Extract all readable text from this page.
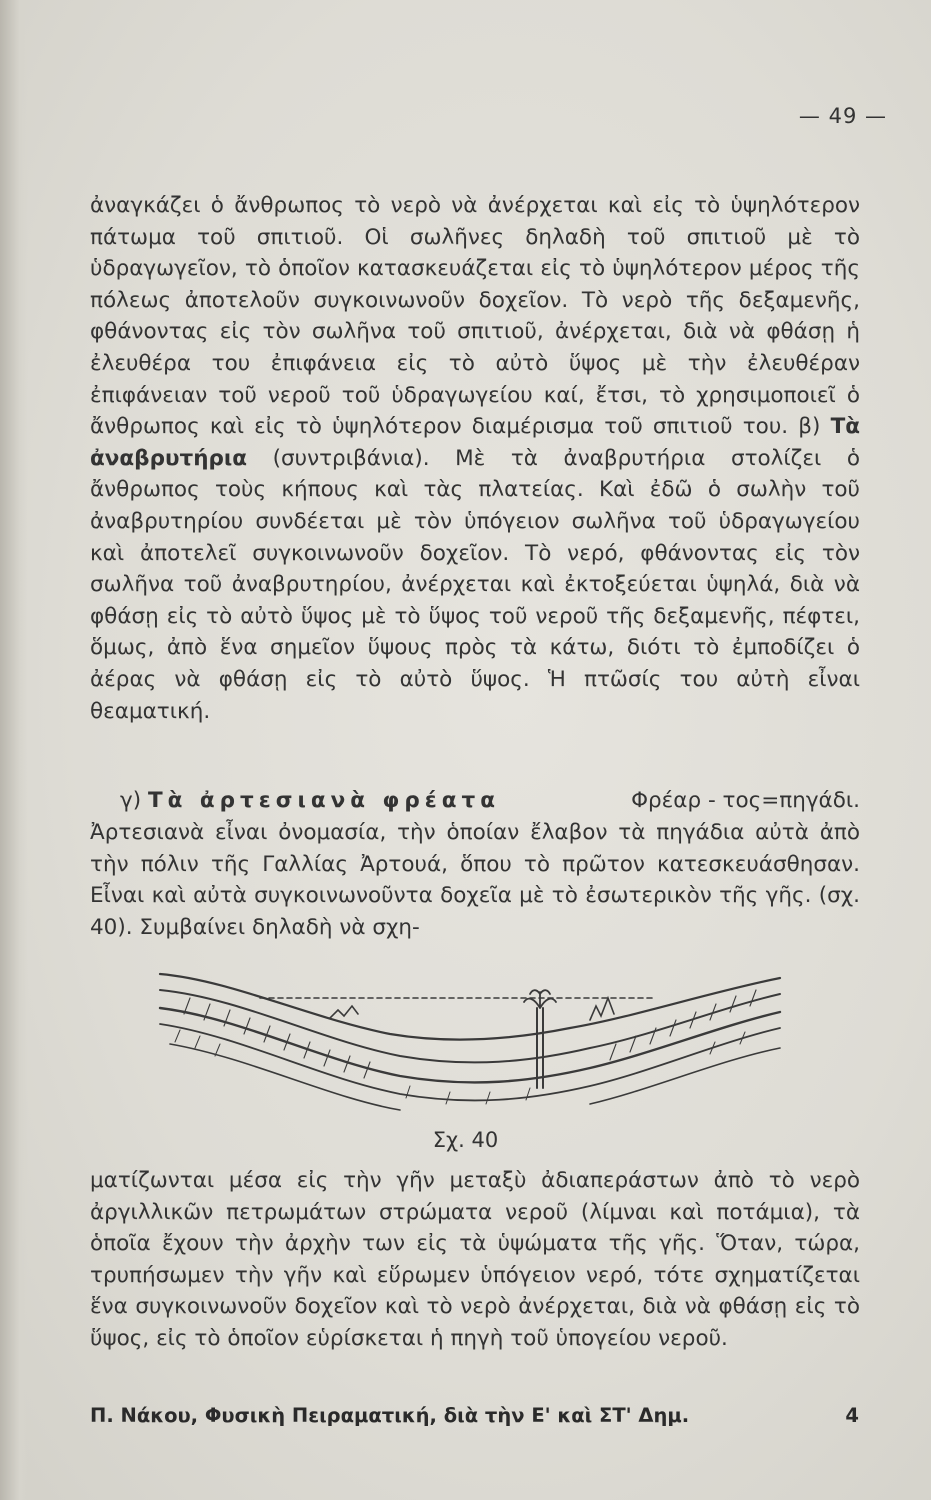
— 49 —

ἀναγκάζει ὁ ἄνθρωπος τὸ νερὸ νὰ ἀνέρχεται καὶ εἰς τὸ ὑψηλότερον πάτωμα τοῦ σπιτιοῦ. Οἱ σωλῆνες δηλαδὴ τοῦ σπιτιοῦ μὲ τὸ ὑδραγωγεῖον, τὸ ὁποῖον κατασκευάζεται εἰς τὸ ὑψηλότερον μέρος τῆς πόλεως ἀποτελοῦν συγκοινωνοῦν δοχεῖον. Τὸ νερὸ τῆς δεξαμενῆς, φθάνοντας εἰς τὸν σωλῆνα τοῦ σπιτιοῦ, ἀνέρχεται, διὰ νὰ φθάσῃ ἡ ἐλευθέρα του ἐπιφάνεια εἰς τὸ αὐτὸ ὕψος μὲ τὴν ἐλευθέραν ἐπιφάνειαν τοῦ νεροῦ τοῦ ὑδραγωγείου καί, ἔτσι, τὸ χρησιμοποιεῖ ὁ ἄνθρωπος καὶ εἰς τὸ ὑψηλότερον διαμέρισμα τοῦ σπιτιοῦ του. β) Τὰ ἀναβρυτήρια (συντριβάνια). Μὲ τὰ ἀναβρυτήρια στολίζει ὁ ἄνθρωπος τοὺς κήπους καὶ τὰς πλατείας. Καὶ ἐδῶ ὁ σωλὴν τοῦ ἀναβρυτηρίου συνδέεται μὲ τὸν ὑπόγειον σωλῆνα τοῦ ὑδραγωγείου καὶ ἀποτελεῖ συγκοινωνοῦν δοχεῖον. Τὸ νερό, φθάνοντας εἰς τὸν σωλῆνα τοῦ ἀναβρυτηρίου, ἀνέρχεται καὶ ἐκτοξεύεται ὑψηλά, διὰ νὰ φθάσῃ εἰς τὸ αὐτὸ ὕψος μὲ τὸ ὕψος τοῦ νεροῦ τῆς δεξαμενῆς, πέφτει, ὅμως, ἀπὸ ἕνα σημεῖον ὕψους πρὸς τὰ κάτω, διότι τὸ ἐμποδίζει ὁ ἀέρας νὰ φθάσῃ εἰς τὸ αὐτὸ ὕψος. Ἡ πτῶσίς του αὐτὴ εἶναι θεαματική.

γ) Τὰ ἀρτεσιανὰ φρέατα	Φρέαρ - τος=πηγάδι.

Ἀρτεσιανὰ εἶναι ὀνομασία, τὴν ὁποίαν ἔλαβον τὰ πηγάδια αὐτὰ ἀπὸ τὴν πόλιν τῆς Γαλλίας Ἀρτουά, ὅπου τὸ πρῶτον κατεσκευάσθησαν. Εἶναι καὶ αὐτὰ συγκοινωνοῦντα δοχεῖα μὲ τὸ ἐσωτερικὸν τῆς γῆς. (σχ. 40). Συμβαίνει δηλαδὴ νὰ σχη-

Σχ. 40

ματίζωνται μέσα εἰς τὴν γῆν μεταξὺ ἀδιαπεράστων ἀπὸ τὸ νερὸ ἀργιλλικῶν πετρωμάτων στρώματα νεροῦ (λίμναι καὶ ποτάμια), τὰ ὁποῖα ἔχουν τὴν ἀρχὴν των εἰς τὰ ὑψώματα τῆς γῆς. Ὅταν, τώρα, τρυπήσωμεν τὴν γῆν καὶ εὕρωμεν ὑπόγειον νερό, τότε σχηματίζεται ἕνα συγκοινωνοῦν δοχεῖον καὶ τὸ νερὸ ἀνέρχεται, διὰ νὰ φθάσῃ εἰς τὸ ὕψος, εἰς τὸ ὁποῖον εὑρίσκεται ἡ πηγὴ τοῦ ὑπογείου νεροῦ.

Π. Νάκου, Φυσικὴ Πειραματική, διὰ τὴν Ε' καὶ ΣΤ' Δημ.	4
